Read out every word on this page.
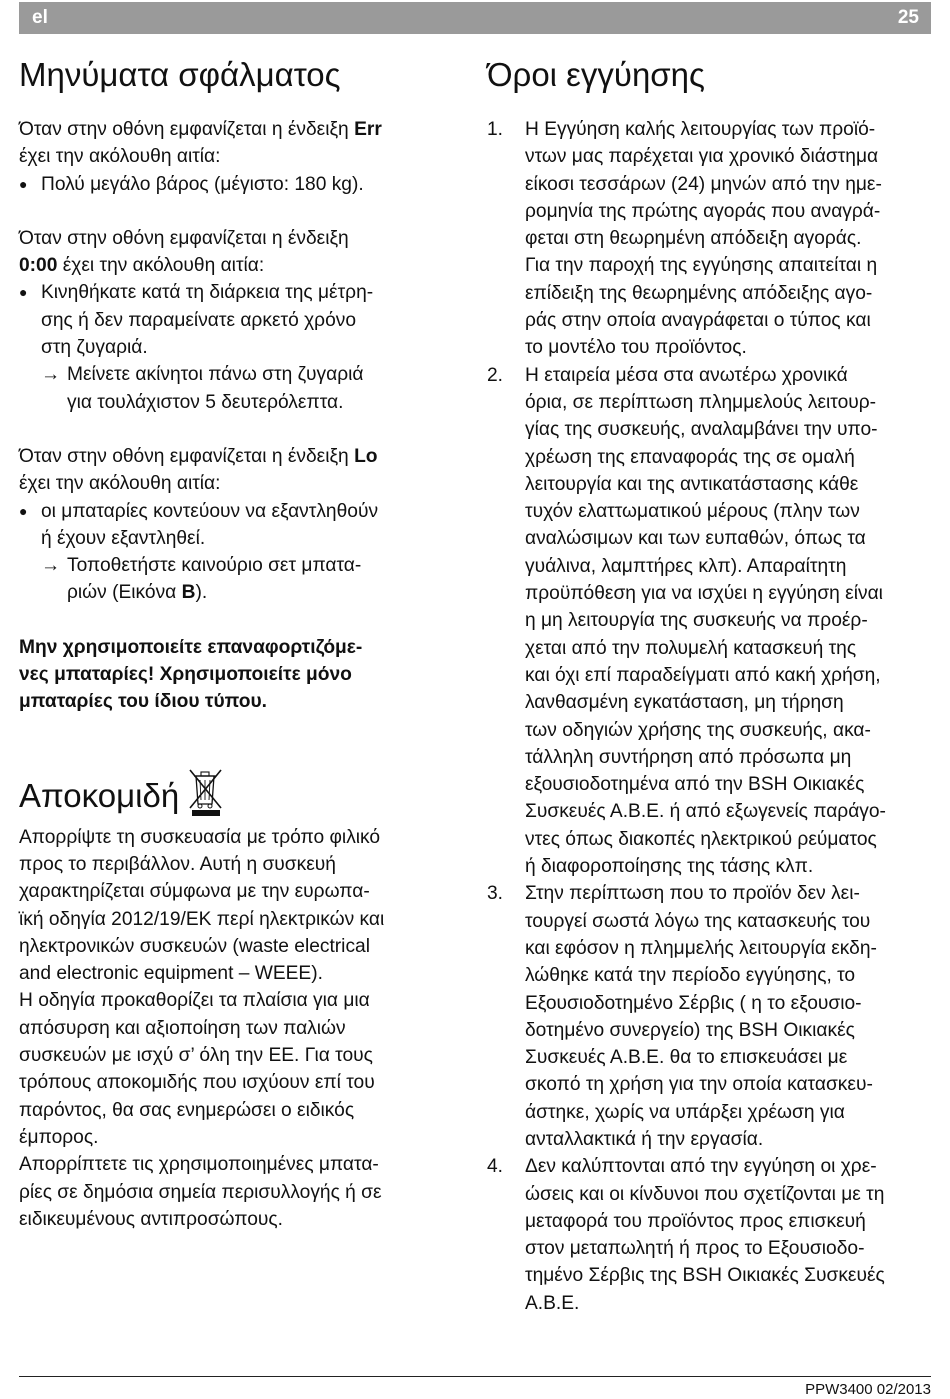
el	25
Μηνύματα σφάλματος

Όταν στην οθόνη εμφανίζεται η ένδειξη Err

έχει την ακόλουθη αιτία:

● Πολύ μεγάλο βάρος (μέγιστο: 180 kg).

Όταν στην οθόνη εμφανίζεται η ένδειξη

0:00 έχει την ακόλουθη αιτία:

● Κινηθήκατε κατά τη διάρκεια της μέτρη-
σης ή δεν παραμείνατε αρκετό χρόνο
στη ζυγαριά.
→ Μείνετε ακίνητοι πάνω στη ζυγαριά
για τουλάχιστον 5 δευτερόλεπτα.

Όταν στην οθόνη εμφανίζεται η ένδειξη Lo

έχει την ακόλουθη αιτία:

● οι μπαταρίες κοντεύουν να εξαντληθούν
ή έχουν εξαντληθεί.
→ Τοποθετήστε καινούριο σετ μπατα-
ριών (Εικόνα B).
Μην χρησιμοποιείτε επαναφορτιζόμε-
νες μπαταρίες! Χρησιμοποιείτε μόνο
μπαταρίες του ίδιου τύπου.
Αποκομιδή

Απορρίψτε τη συσκευασία με τρόπο φιλικό

προς το περιβάλλον. Αυτή η συσκευή

χαρακτηρίζεται σύμφωνα με την ευρωπα-

ϊκή οδηγία 2012/19/ΕΚ περί ηλεκτρικών και

ηλεκτρονικών συσκευών (waste electrical

and electronic equipment – WEEE).

Η οδηγία προκαθορίζει τα πλαίσια για μια

απόσυρση και αξιοποίηση των παλιών

συσκευών με ισχύ σ’ όλη την ΕΕ. Για τους

τρόπους αποκομιδής που ισχύουν επί του

παρόντος, θα σας ενημερώσει ο ειδικός

έμπορος.

Απορρίπτετε τις χρησιμοποιημένες μπατα-

ρίες σε δημόσια σημεία περισυλλογής ή σε

ειδικευμένους αντιπροσώπους.

Όροι εγγύησης
1.	Η Εγγύηση καλής λειτουργίας των προϊό-
ντων μας παρέχεται για χρονικό διάστημα
είκοσι τεσσάρων (24) μηνών από την ημε-
ρομηνία της πρώτης αγοράς που αναγρά-
φεται στη θεωρημένη απόδειξη αγοράς.
Για την παροχή της εγγύησης απαιτείται η
επίδειξη της θεωρημένης απόδειξης αγο-
ράς στην οποία αναγράφεται ο τύπος και
το μοντέλο του προϊόντος.
2.	Η εταιρεία μέσα στα ανωτέρω χρονικά
όρια, σε περίπτωση πλημμελούς λειτουρ-
γίας της συσκευής, αναλαμβάνει την υπο-
χρέωση της επαναφοράς της σε ομαλή
λειτουργία και της αντικατάστασης κάθε
τυχόν ελαττωματικού μέρους (πλην των
αναλώσιμων και των ευπαθών, όπως τα
γυάλινα, λαμπτήρες κλπ). Απαραίτητη
προϋπόθεση για να ισχύει η εγγύηση είναι
η μη λειτουργία της συσκευής να προέρ-
χεται από την πολυμελή κατασκευή της
και όχι επί παραδείγματι από κακή χρήση,
λανθασμένη εγκατάσταση, μη τήρηση
των οδηγιών χρήσης της συσκευής, ακα-
τάλληλη συντήρηση από πρόσωπα μη
εξουσιοδοτημένα από την BSH Οικιακές
Συσκευές Α.Β.Ε. ή από εξωγενείς παράγο-
ντες όπως διακοπές ηλεκτρικού ρεύματος
ή διαφοροποίησης της τάσης κλπ.
3.	Στην περίπτωση που το προϊόν δεν λει-
τουργεί σωστά λόγω της κατασκευής του
και εφόσον η πλημμελής λειτουργία εκδη-
λώθηκε κατά την περίοδο εγγύησης, το
Εξουσιοδοτημένο Σέρβις ( η το εξουσιο-
δοτημένο συνεργείο) της BSH Οικιακές
Συσκευές Α.Β.Ε. θα το επισκευάσει με
σκοπό τη χρήση για την οποία κατασκευ-
άστηκε, χωρίς να υπάρξει χρέωση για
ανταλλακτικά ή την εργασία.
4.	Δεν καλύπτονται από την εγγύηση οι χρε-
ώσεις και οι κίνδυνοι που σχετίζονται με τη
μεταφορά του προϊόντος προς επισκευή
στον μεταπωλητή ή προς το Εξουσιοδο-
τημένο Σέρβις της BSH Οικιακές Συσκευές
Α.Β.Ε.
PPW3400 02/2013
